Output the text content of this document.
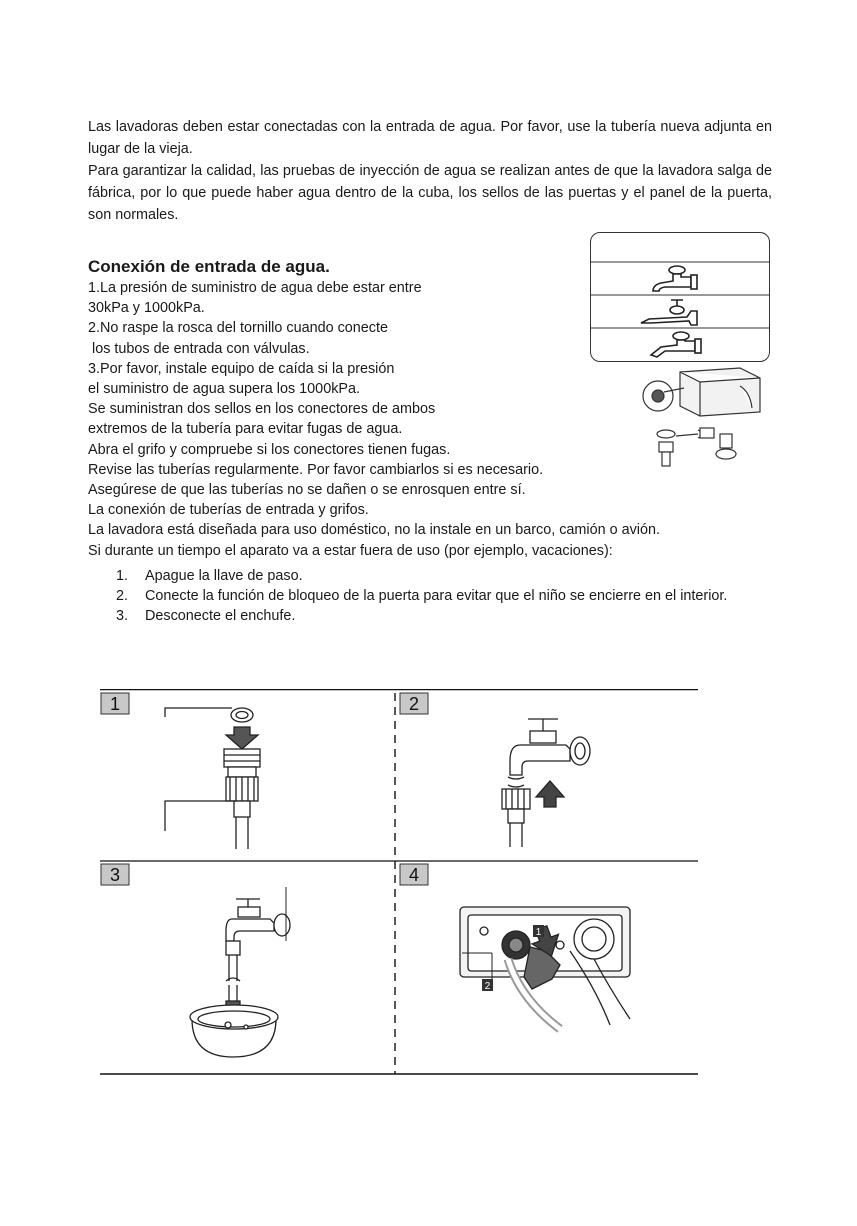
Las lavadoras deben estar conectadas con la entrada de agua. Por favor, use la tubería nueva adjunta en lugar de la vieja.

Para garantizar la calidad, las pruebas de inyección de agua se realizan antes de que la lavadora salga de fábrica, por lo que puede haber agua dentro de la cuba, los sellos de las puertas y el panel de la puerta, son normales.

Conexión de entrada de agua.
1.La presión de suministro de agua debe estar entre
30kPa y 1000kPa.
2.No raspe la rosca del tornillo cuando conecte
los tubos de entrada con válvulas.
3.Por favor, instale equipo de caída si la presión
el suministro de agua supera los 1000kPa.
Se suministran dos sellos en los conectores de ambos
extremos de la tubería para evitar fugas de agua.
Abra el grifo y compruebe si los conectores tienen fugas.
Revise las tuberías regularmente. Por favor cambiarlos si es necesario.
Asegúrese de que las tuberías no se dañen o se enrosquen entre sí.
La conexión de tuberías de entrada y grifos.
La lavadora está diseñada para uso doméstico, no la instale en un barco, camión o avión.
Si durante un tiempo el aparato va a estar fuera de uso (por ejemplo, vacaciones):
1. Apague la llave de paso.
2. Conecte la función de bloqueo de la puerta para evitar que el niño se encierre en el interior.
3. Desconecte el enchufe.
1	2
3	4
1
2
